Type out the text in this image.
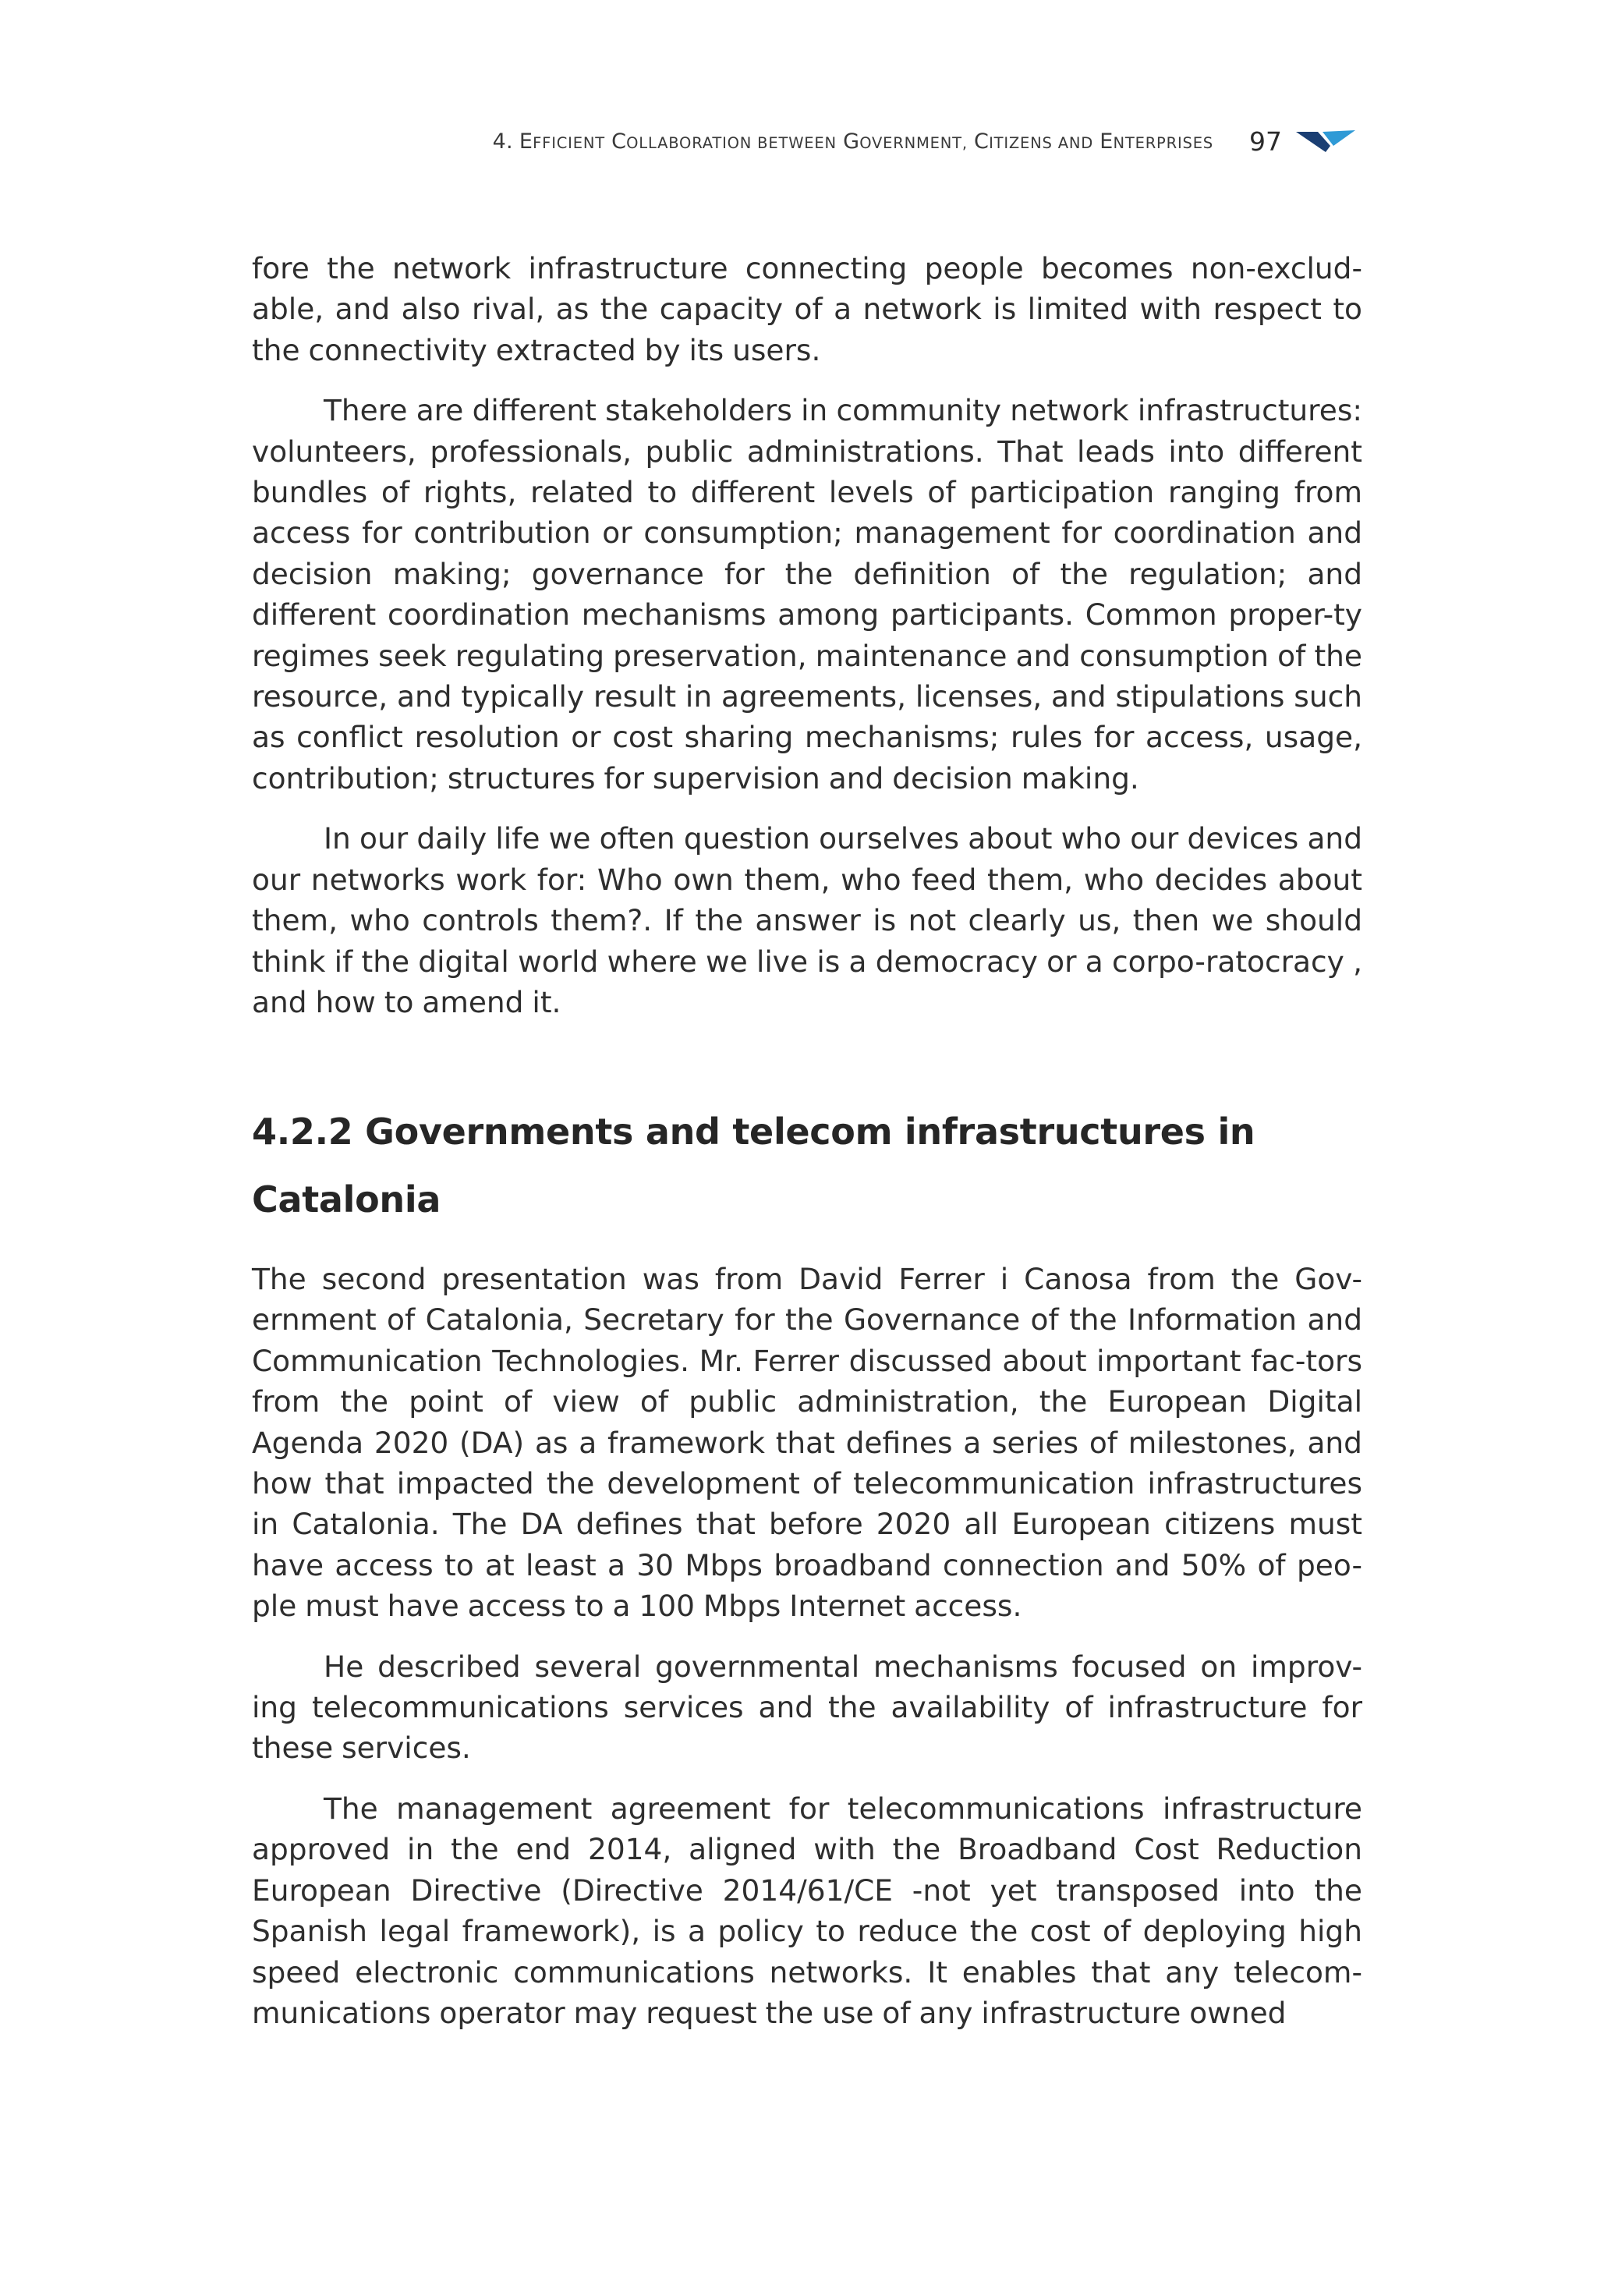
4. EFFICIENT COLLABORATION BETWEEN GOVERNMENT, CITIZENS AND ENTERPRISES 97

fore the network infrastructure connecting people becomes non-exclud-able, and also rival, as the capacity of a network is limited with respect to the connectivity extracted by its users.

There are different stakeholders in community network infrastructures: volunteers, professionals, public administrations. That leads into different bundles of rights, related to different levels of participation ranging from access for contribution or consumption; management for coordination and decision making; governance for the definition of the regulation; and different coordination mechanisms among participants. Common proper-ty regimes seek regulating preservation, maintenance and consumption of the resource, and typically result in agreements, licenses, and stipulations such as conflict resolution or cost sharing mechanisms; rules for access, usage, contribution; structures for supervision and decision making.

In our daily life we often question ourselves about who our devices and our networks work for: Who own them, who feed them, who decides about them, who controls them?. If the answer is not clearly us, then we should think if the digital world where we live is a democracy or a corpo-ratocracy , and how to amend it.

4.2.2 Governments and telecom infrastructures in Catalonia

The second presentation was from David Ferrer i Canosa from the Gov-ernment of Catalonia, Secretary for the Governance of the Information and Communication Technologies. Mr. Ferrer discussed about important fac-tors from the point of view of public administration, the European Digital Agenda 2020 (DA) as a framework that defines a series of milestones, and how that impacted the development of telecommunication infrastructures in Catalonia. The DA defines that before 2020 all European citizens must have access to at least a 30 Mbps broadband connection and 50% of peo-ple must have access to a 100 Mbps Internet access.

He described several governmental mechanisms focused on improv-ing telecommunications services and the availability of infrastructure for these services.

The management agreement for telecommunications infrastructure approved in the end 2014, aligned with the Broadband Cost Reduction European Directive (Directive 2014/61/CE -not yet transposed into the Spanish legal framework), is a policy to reduce the cost of deploying high speed electronic communications networks. It enables that any telecom-munications operator may request the use of any infrastructure owned
